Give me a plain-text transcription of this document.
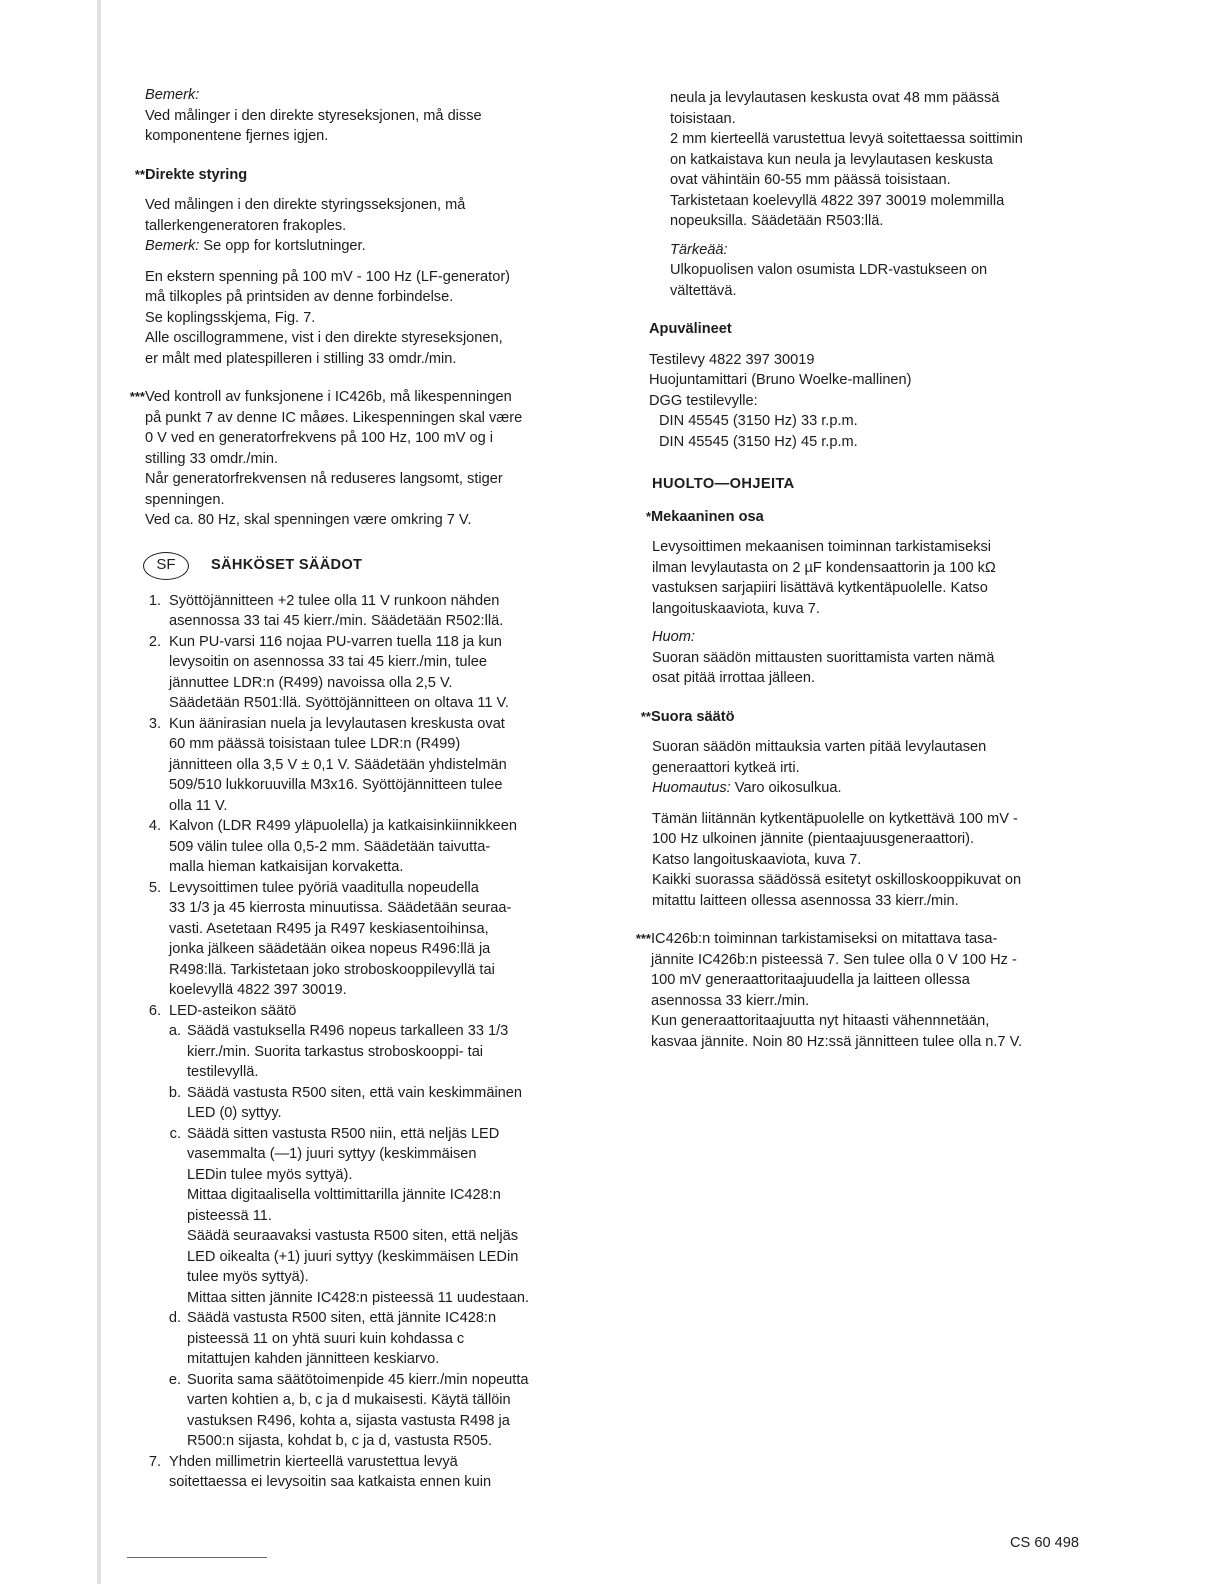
Bemerk:

Ved målinger i den direkte styreseksjonen, må disse

komponentene fjernes igjen.

**Direkte styring

Ved målingen i den direkte styringsseksjonen, må

tallerkengeneratoren frakoples.

Bemerk: Se opp for kortslutninger.

En ekstern spenning på 100 mV - 100 Hz (LF-generator)

må tilkoples på printsiden av denne forbindelse.

Se koplingsskjema, Fig. 7.

Alle oscillogrammene, vist i den direkte styreseksjonen,

er målt med platespilleren i stilling 33 omdr./min.

***Ved kontroll av funksjonene i IC426b, må likespenningen

på punkt 7 av denne IC måøes. Likespenningen skal være

0 V ved en generatorfrekvens på 100 Hz, 100 mV og i

stilling 33 omdr./min.

Når generatorfrekvensen nå reduseres langsomt, stiger

spenningen.

Ved ca. 80 Hz, skal spenningen være omkring 7 V.

SF	SÄHKÖSET SÄÄDOT
1. Syöttöjännitteen +2 tulee olla 11 V runkoon nähden

asennossa 33 tai 45 kierr./min. Säädetään R502:llä.

2. Kun PU-varsi 116 nojaa PU-varren tuella 118 ja kun

levysoitin on asennossa 33 tai 45 kierr./min, tulee

jännuttee LDR:n (R499) navoissa olla 2,5 V.

Säädetään R501:llä. Syöttöjännitteen on oltava 11 V.

3. Kun äänirasian nuela ja levylautasen kreskusta ovat

60 mm päässä toisistaan tulee LDR:n (R499)

jännitteen olla 3,5 V ± 0,1 V. Säädetään yhdistelmän

509/510 lukkoruuvilla M3x16. Syöttöjännitteen tulee

olla 11 V.

4. Kalvon (LDR R499 yläpuolella) ja katkaisinkiinnikkeen

509 välin tulee olla 0,5-2 mm. Säädetään taivutta-

malla hieman katkaisijan korvaketta.

5. Levysoittimen tulee pyöriä vaaditulla nopeudella

33 1/3 ja 45 kierrosta minuutissa. Säädetään seuraa-

vasti. Asetetaan R495 ja R497 keskiasentoihinsa,

jonka jälkeen säädetään oikea nopeus R496:llä ja

R498:llä. Tarkistetaan joko stroboskooppilevyllä tai

koelevyllä 4822 397 30019.

6. LED-asteikon säätö

a. Säädä vastuksella R496 nopeus tarkalleen 33 1/3

kierr./min. Suorita tarkastus stroboskooppi- tai

testilevyllä.

b. Säädä vastusta R500 siten, että vain keskimmäinen

LED (0) syttyy.

c. Säädä sitten vastusta R500 niin, että neljäs LED

vasemmalta (—1) juuri syttyy (keskimmäisen

LEDin tulee myös syttyä).

Mittaa digitaalisella volttimittarilla jännite IC428:n

pisteessä 11.

Säädä seuraavaksi vastusta R500 siten, että neljäs

LED oikealta (+1) juuri syttyy (keskimmäisen LEDin

tulee myös syttyä).

Mittaa sitten jännite IC428:n pisteessä 11 uudestaan.

d. Säädä vastusta R500 siten, että jännite IC428:n

pisteessä 11 on yhtä suuri kuin kohdassa c

mitattujen kahden jännitteen keskiarvo.

e. Suorita sama säätötoimenpide 45 kierr./min nopeutta

varten kohtien a, b, c ja d mukaisesti. Käytä tällöin

vastuksen R496, kohta a, sijasta vastusta R498 ja

R500:n sijasta, kohdat b, c ja d, vastusta R505.

7. Yhden millimetrin kierteellä varustettua levyä

soitettaessa ei levysoitin saa katkaista ennen kuin

neula ja levylautasen keskusta ovat 48 mm päässä

toisistaan.

2 mm kierteellä varustettua levyä soitettaessa soittimin

on katkaistava kun neula ja levylautasen keskusta

ovat vähintäin 60-55 mm päässä toisistaan.

Tarkistetaan koelevyllä 4822 397 30019 molemmilla

nopeuksilla. Säädetään R503:llä.

Tärkeää:

Ulkopuolisen valon osumista LDR-vastukseen on

vältettävä.

Apuvälineet

Testilevy 4822 397 30019

Huojuntamittari (Bruno Woelke-mallinen)

DGG testilevylle:

DIN 45545 (3150 Hz) 33 r.p.m.

DIN 45545 (3150 Hz) 45 r.p.m.

HUOLTO—OHJEITA

*Mekaaninen osa

Levysoittimen mekaanisen toiminnan tarkistamiseksi

ilman levylautasta on 2 µF kondensaattorin ja 100 kΩ

vastuksen sarjapiiri lisättävä kytkentäpuolelle. Katso

langoituskaaviota, kuva 7.

Huom:

Suoran säädön mittausten suorittamista varten nämä

osat pitää irrottaa jälleen.

**Suora säätö

Suoran säädön mittauksia varten pitää levylautasen

generaattori kytkeä irti.

Huomautus: Varo oikosulkua.

Tämän liitännän kytkentäpuolelle on kytkettävä 100 mV -

100 Hz ulkoinen jännite (pientaajuusgeneraattori).

Katso langoituskaaviota, kuva 7.

Kaikki suorassa säädössä esitetyt oskilloskooppikuvat on

mitattu laitteen ollessa asennossa 33 kierr./min.

***IC426b:n toiminnan tarkistamiseksi on mitattava tasa-

jännite IC426b:n pisteessä 7. Sen tulee olla 0 V 100 Hz -

100 mV generaattoritaajuudella ja laitteen ollessa

asennossa 33 kierr./min.

Kun generaattoritaajuutta nyt hitaasti vähennnetään,

kasvaa jännite. Noin 80 Hz:ssä jännitteen tulee olla n.7 V.

CS 60 498
